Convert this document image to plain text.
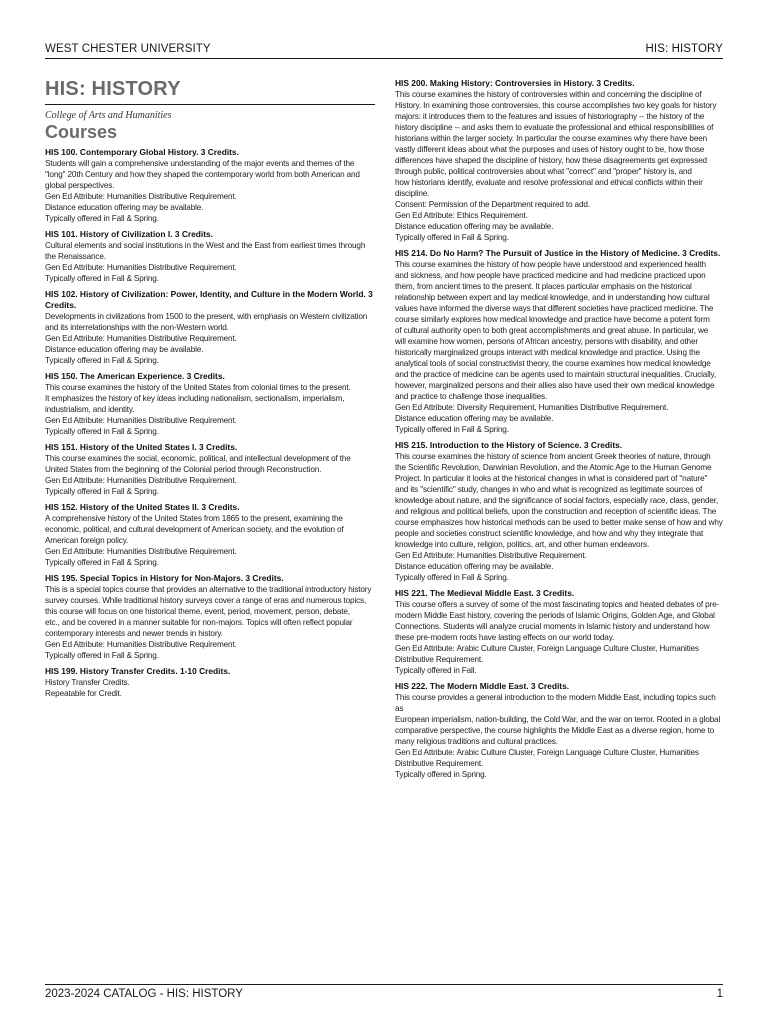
WEST CHESTER UNIVERSITY	HIS: HISTORY
HIS: HISTORY
College of Arts and Humanities
Courses
HIS 100. Contemporary Global History. 3 Credits.
Students will gain a comprehensive understanding of the major events and themes of the
"long" 20th Century and how they shaped the contemporary world from both American and
global perspectives.
Gen Ed Attribute: Humanities Distributive Requirement.
Distance education offering may be available.
Typically offered in Fall & Spring.
HIS 101. History of Civilization I. 3 Credits.
Cultural elements and social institutions in the West and the East from earliest times through
the Renaissance.
Gen Ed Attribute: Humanities Distributive Requirement.
Typically offered in Fall & Spring.
HIS 102. History of Civilization: Power, Identity, and Culture in the Modern World. 3 Credits.
Developments in civilizations from 1500 to the present, with emphasis on Western civilization
and its interrelationships with the non-Western world.
Gen Ed Attribute: Humanities Distributive Requirement.
Distance education offering may be available.
Typically offered in Fall & Spring.
HIS 150. The American Experience. 3 Credits.
This course examines the history of the United States from colonial times to the present.
It emphasizes the history of key ideas including nationalism, sectionalism, imperialism,
industrialism, and identity.
Gen Ed Attribute: Humanities Distributive Requirement.
Typically offered in Fall & Spring.
HIS 151. History of the United States I. 3 Credits.
This course examines the social, economic, political, and intellectual development of the
United States from the beginning of the Colonial period through Reconstruction.
Gen Ed Attribute: Humanities Distributive Requirement.
Typically offered in Fall & Spring.
HIS 152. History of the United States II. 3 Credits.
A comprehensive history of the United States from 1865 to the present, examining the
economic, political, and cultural development of American society, and the evolution of
American foreign policy.
Gen Ed Attribute: Humanities Distributive Requirement.
Typically offered in Fall & Spring.
HIS 195. Special Topics in History for Non-Majors. 3 Credits.
This is a special topics course that provides an alternative to the traditional introductory history
survey courses. While traditional history surveys cover a range of eras and numerous topics,
this course will focus on one historical theme, event, period, movement, person, debate,
etc., and be covered in a manner suitable for non-majors. Topics will often reflect popular
contemporary interests and newer trends in history.
Gen Ed Attribute: Humanities Distributive Requirement.
Typically offered in Fall & Spring.
HIS 199. History Transfer Credits. 1-10 Credits.
History Transfer Credits.
Repeatable for Credit.
HIS 200. Making History: Controversies in History. 3 Credits.
This course examines the history of controversies within and concerning the discipline of
History. In examining those controversies, this course accomplishes two key goals for history
majors: it introduces them to the features and issues of historiography -- the history of the
history discipline -- and asks them to evaluate the professional and ethical responsibilities of
historians within the larger society. In particular the course examines why there have been
vastly different ideas about what the purposes and uses of history ought to be, how those
differences have shaped the discipline of history, how these disagreements get expressed
through public, political controversies about what "correct" and "proper" history is, and
how historians identify, evaluate and resolve professional and ethical conflicts within their
discipline.
Consent: Permission of the Department required to add.
Gen Ed Attribute: Ethics Requirement.
Distance education offering may be available.
Typically offered in Fall & Spring.
HIS 214. Do No Harm? The Pursuit of Justice in the History of Medicine. 3 Credits.
This course examines the history of how people have understood and experienced health
and sickness, and how people have practiced medicine and had medicine practiced upon
them, from ancient times to the present. It places particular emphasis on the historical
relationship between expert and lay medical knowledge, and in understanding how cultural
values have informed the diverse ways that different societies have practiced medicine. The
course similarly explores how medical knowledge and practice have become a potent form
of cultural authority open to both great accomplishments and great abuse. In particular, we
will examine how women, persons of African ancestry, persons with disability, and other
historically marginalized groups interact with medical knowledge and practice. Using the
analytical tools of social constructivist theory, the course examines how medical knowledge
and the practice of medicine can be agents used to maintain structural inequalities. Crucially,
however, marginalized persons and their allies also have used their own medical knowledge
and practice to challenge those inequalities.
Gen Ed Attribute: Diversity Requirement, Humanities Distributive Requirement.
Distance education offering may be available.
Typically offered in Fall & Spring.
HIS 215. Introduction to the History of Science. 3 Credits.
This course examines the history of science from ancient Greek theories of nature, through
the Scientific Revolution, Darwinian Revolution, and the Atomic Age to the Human Genome
Project. In particular it looks at the historical changes in what is considered part of "nature"
and its "scientific" study, changes in who and what is recognized as legitimate sources of
knowledge about nature, and the significance of social factors, especially race, class, gender,
and religious and political beliefs, upon the construction and reception of scientific ideas. The
course emphasizes how historical methods can be used to better make sense of how and why
people and societies construct scientific knowledge, and how and why they integrate that
knowledge into culture, religion, politics, art, and other human endeavors.
Gen Ed Attribute: Humanities Distributive Requirement.
Distance education offering may be available.
Typically offered in Fall & Spring.
HIS 221. The Medieval Middle East. 3 Credits.
This course offers a survey of some of the most fascinating topics and heated debates of pre-
modern Middle East history, covering the periods of Islamic Origins, Golden Age, and Global
Connections. Students will analyze crucial moments in Islamic history and understand how
these pre-modern roots have lasting effects on our world today.
Gen Ed Attribute: Arabic Culture Cluster, Foreign Language Culture Cluster, Humanities
Distributive Requirement.
Typically offered in Fall.
HIS 222. The Modern Middle East. 3 Credits.
This course provides a general introduction to the modern Middle East, including topics such as
European imperialism, nation-building, the Cold War, and the war on terror. Rooted in a global
comparative perspective, the course highlights the Middle East as a diverse region, home to
many religious traditions and cultural practices.
Gen Ed Attribute: Arabic Culture Cluster, Foreign Language Culture Cluster, Humanities
Distributive Requirement.
Typically offered in Spring.
2023-2024 CATALOG - HIS: HISTORY	1
